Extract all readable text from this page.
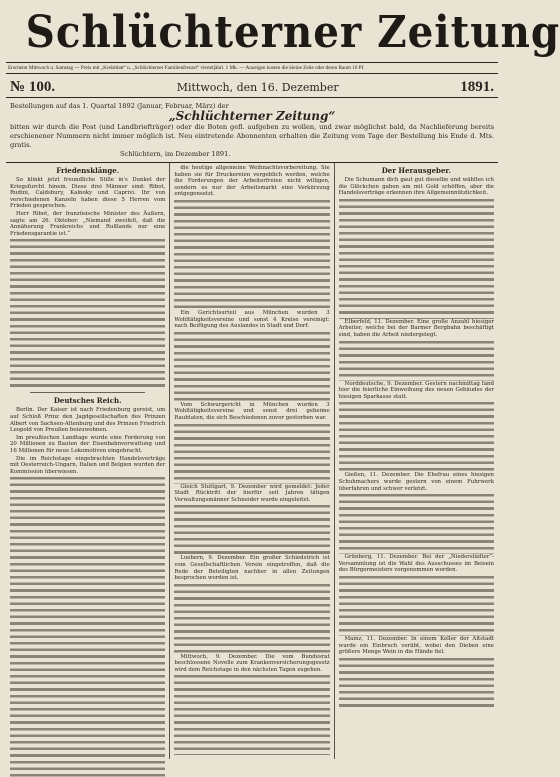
Schlüchterner Zeitung
Erscheint Mittwoch u. Samstag — Preis mit „Kreisblatt“ u. „Schlüchterner Familienfreund“ vierteljährl. 1 Mk. — Anzeigen kosten die kleine Zeile oder deren Raum 10 Pf.
№ 100.	Mittwoch, den 16. Dezember	1891.
Bestellungen auf das 1. Quartal 1892 (Januar, Februar, März) der
„Schlüchterner Zeitung“
bitten wir durch die Post (und Landbriefträger) oder die Boten gefl. aufgeben zu wollen, und zwar möglichst bald, da Nachlieferung bereits erschienener Nummern nicht immer möglich ist. Neu eintretende Abonnenten erhalten die Zeitung vom Tage der Bestellung bis Ende d. Mts. gratis.
Schlüchtern, im Dezember 1891.
Friedensklänge.

So klinkt jetzt freundliche Stille in's Dunkel der Kriegsfurcht hinein. Diese drei Männer sind: Ribot, Rudini, Caldsbury, Kalnoky und Caprivi. Ihr von verschiedenen Kanzeln haben diese 5 Herren vom Frieden gesprochen.

Herr Ribot, der französische Minister des Äußern, sagte am 26. Oktober: „Niemand zweifelt, daß die Annäherung Frankreichs und Rußlands nur eine Friedensgarantie ist.“

Deutsches Reich.

Berlin. Der Kaiser ist nach Friedenburg gereist, um auf Schloß Prinz den Jagdgesellschaften des Prinzen Albert von Sachsen-Altenburg und des Prinzen Friedrich Leopold von Preußen beizuwohnen.

Im preußischen Landtage wurde eine Forderung von 20 Millionen zu Bauten der Eisenbahnverwaltung und 16 Millionen für neue Lokomotiven eingebracht.

Die im Reichstage eingebrachten Handelsverträge mit Oesterreich-Ungarn, Italien und Belgien wurden der Kommission überwiesen.

die heutige allgemeine Weihnachtsvorbereitung. Sie haben sie für Druckereien vergeblich werden, welche die Forderungen der Arbeiterfreien nicht willigen, sondern es nur der Arbeitsmarkt eine Verkürzung entgegensetzt.

Ein Gerichtsurteil aus München wurden 3 Wohltätigkeitsvereine und sonst 4 Kreise vereinigt: nach Beifügung des Auslandes in Stadt und Dorf.

Vom Schwurgericht in München wurden 3 Wohltätigkeitsvereine und sonst drei geheime Raubtaten, die sich Beschiedenen zuvor gestorben war.

Gleich Stuttgart, 9. Dezember wird gemeldet: Jeder Stadt Rücktritt der hierfür seit Jahren tätigen Verwaltungsmänner Schneider wurde eingeleitet.

Loebern, 9. Dezember. Ein großer Schiedstrich ist vom Gesellschaftlichen Verein eingetroffen, daß die Rede der Beteiligten nachher in allen Zeitungen besprochen worden ist.

Mittwoch, 9. Dezember. Die vom Bundesrat beschlossene Novelle zum Krankenversicherungsgesetz wird dem Reichstage in den nächsten Tagen zugehen.

Der Herausgeber.

Die Schumann dich gaut gut dieselbe und wähltes ich die Glöckchen gaben am mit Gold schöffen, aber die Handelsverträge erkennen ihre Allgemeinnützlichkeit.

Elberfeld, 11. Dezember. Eine große Anzahl hiesiger Arbeiter, welche bei der Barmer Bergbahn beschäftigt sind, haben die Arbeit niedergelegt.

Norddeutsche, 9. Dezember. Gestern nachmittag fand hier die feierliche Einweihung des neuen Gebäudes der hiesigen Sparkasse statt.

Gießen, 11. Dezember. Die Ehefrau eines hiesigen Schuhmachers wurde gestern von einem Fuhrwerk überfahren und schwer verletzt.

Grünberg, 11. Dezember. Bei der „Niederstädter“-Versammlung ist die Wahl des Ausschusses im Beisein des Bürgermeisters vorgenommen worden.

Mainz, 11. Dezember. In einem Keller der Altstadt wurde ein Einbruch verübt, wobei den Dieben eine größere Menge Wein in die Hände fiel.
